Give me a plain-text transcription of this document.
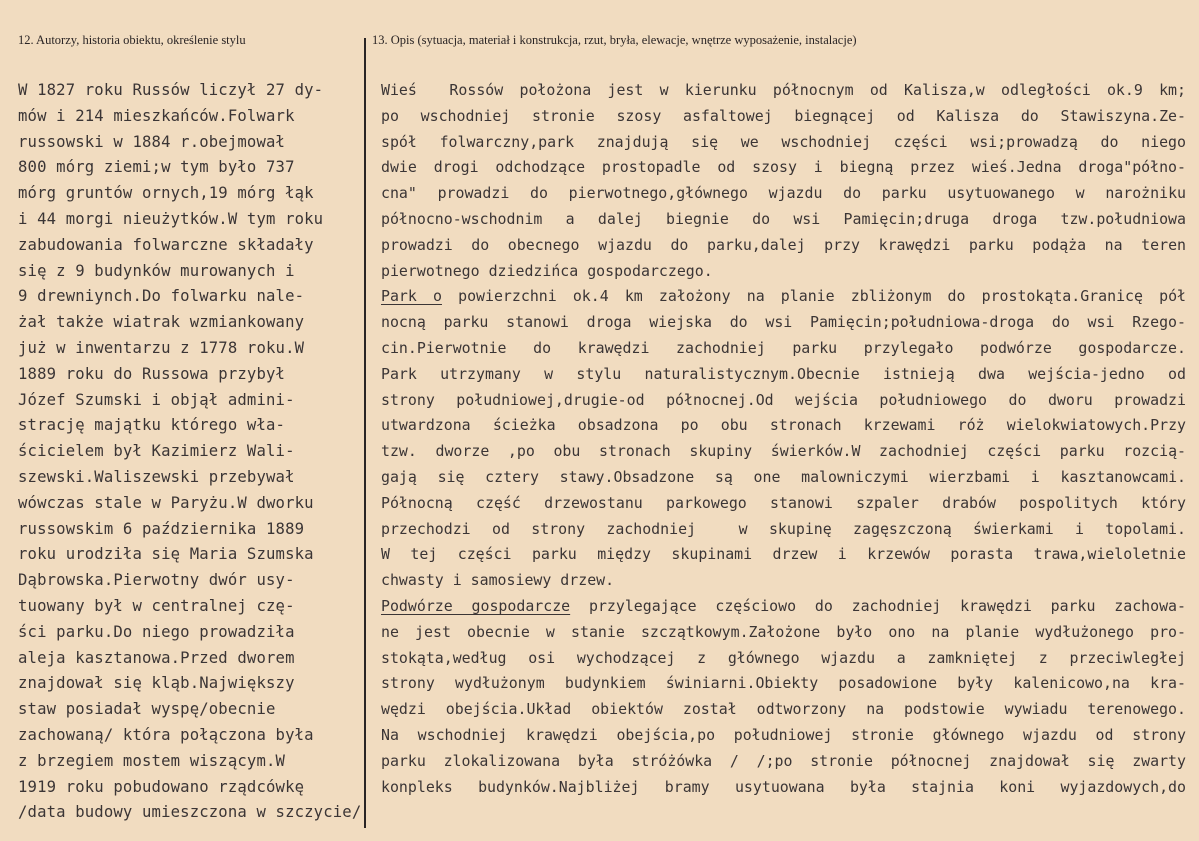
12. Autorzy, historia obiektu, określenie stylu	13. Opis (sytuacja, materiał i konstrukcja, rzut, bryła, elewacje, wnętrze wyposażenie, instalacje)
W 1827 roku Russów liczył 27 dy-
mów i 214 mieszkańców.Folwark
russowski w 1884 r.obejmował
800 mórg ziemi;w tym było 737
mórg gruntów ornych,19 mórg łąk
i 44 morgi nieużytków.W tym roku
zabudowania folwarczne składały
się z 9 budynków murowanych i
9 drewniynch.Do folwarku nale-
żał także wiatrak wzmiankowany
już w inwentarzu z 1778 roku.W
1889 roku do Russowa przybył
Józef Szumski i objął admini-
strację majątku którego wła-
ścicielem był Kazimierz Wali-
szewski.Waliszewski przebywał
wówczas stale w Paryżu.W dworku
russowskim 6 października 1889
roku urodziła się Maria Szumska
Dąbrowska.Pierwotny dwór usy-
tuowany był w centralnej czę-
ści parku.Do niego prowadziła
aleja kasztanowa.Przed dworem
znajdował się kląb.Największy
staw posiadał wyspę/obecnie
zachowaną/ która połączona była
z brzegiem mostem wiszącym.W
1919 roku pobudowano rządcówkę
/data budowy umieszczona w szczycie/
Wieś  Rossów położona jest w kierunku północnym od Kalisza,w odległości ok.9 km;
po wschodniej stronie szosy asfaltowej biegnącej od Kalisza do Stawiszyna.Ze-
spół folwarczny,park znajdują się we wschodniej części wsi;prowadzą do niego
dwie drogi odchodzące prostopadle od szosy i biegną przez wieś.Jedna droga"półno-
cna" prowadzi do pierwotnego,głównego wjazdu do parku usytuowanego w narożniku
północno-wschodnim a dalej biegnie do wsi Pamięcin;druga droga tzw.południowa
prowadzi do obecnego wjazdu do parku,dalej przy krawędzi parku podąża na teren
pierwotnego dziedzińca gospodarczego.
Park o powierzchni ok.4 km założony na planie zbliżonym do prostokąta.Granicę pół
nocną parku stanowi droga wiejska do wsi Pamięcin;południowa-droga do wsi Rzego-
cin.Pierwotnie do krawędzi zachodniej parku przylegało podwórze gospodarcze.
Park utrzymany w stylu naturalistycznym.Obecnie istnieją dwa wejścia-jedno od
strony południowej,drugie-od północnej.Od wejścia południowego do dworu prowadzi
utwardzona ścieżka obsadzona po obu stronach krzewami róż wielokwiatowych.Przy
tzw. dworze ,po obu stronach skupiny świerków.W zachodniej części parku rozcią-
gają się cztery stawy.Obsadzone są one malowniczymi wierzbami i kasztanowcami.
Północną część drzewostanu parkowego stanowi szpaler drabów pospolitych który
przechodzi od strony zachodniej  w skupinę zagęszczoną świerkami i topolami.
W tej części parku między skupinami drzew i krzewów porasta trawa,wieloletnie
chwasty i samosiewy drzew.
Podwórze gospodarcze przylegające częściowo do zachodniej krawędzi parku zachowa-
ne jest obecnie w stanie szczątkowym.Założone było ono na planie wydłużonego pro-
stokąta,według osi wychodzącej z głównego wjazdu a zamkniętej z przeciwległej
strony wydłużonym budynkiem świniarni.Obiekty posadowione były kalenicowo,na kra-
wędzi obejścia.Układ obiektów został odtworzony na podstowie wywiadu terenowego.
Na wschodniej krawędzi obejścia,po południowej stronie głównego wjazdu od strony
parku zlokalizowana była stróżówka / /;po stronie północnej znajdował się zwarty
konpleks budynków.Najbliżej bramy usytuowana była stajnia koni wyjazdowych,do
